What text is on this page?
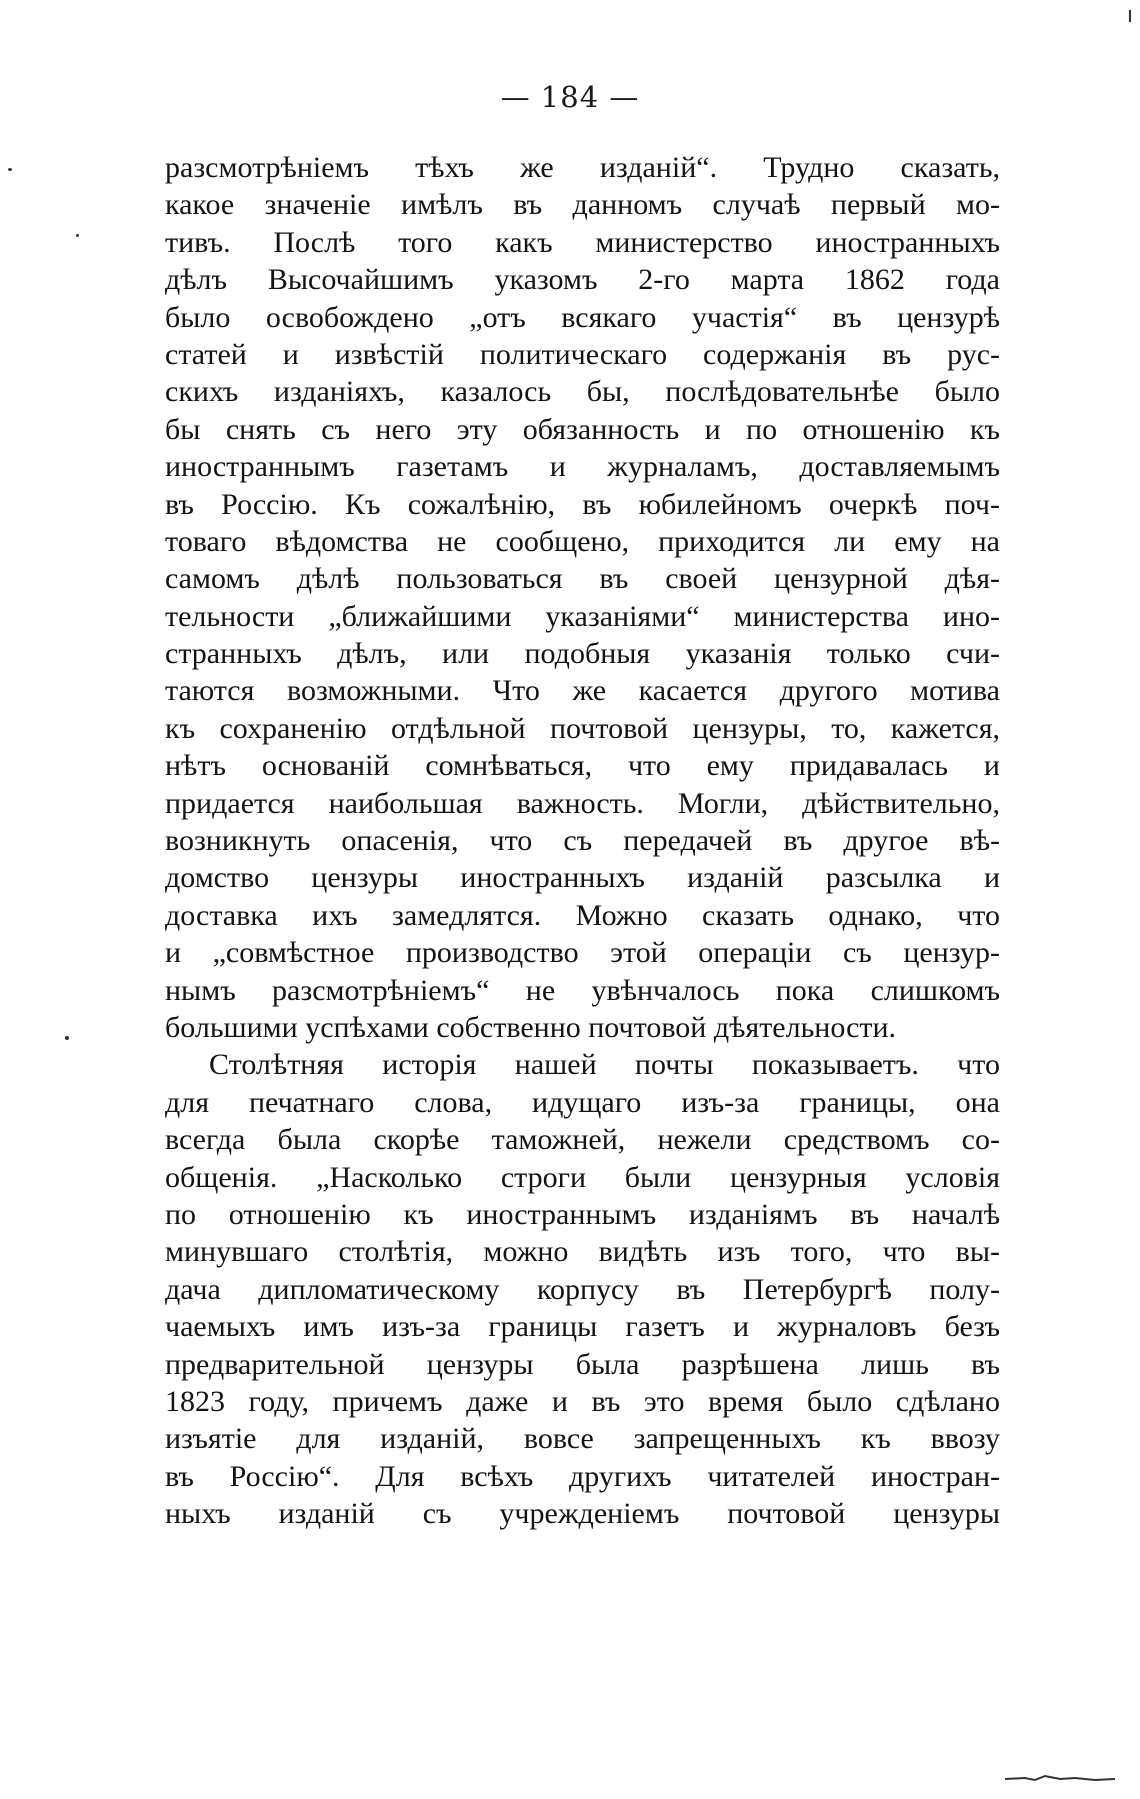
— 184 —
разсмотрѣніемъ тѣхъ же изданій“. Трудно сказать,
какое значеніе имѣлъ въ данномъ случаѣ первый мо-
тивъ. Послѣ того какъ министерство иностранныхъ
дѣлъ Высочайшимъ указомъ 2-го марта 1862 года
было освобождено „отъ всякаго участія“ въ цензурѣ
статей и извѣстій политическаго содержанія въ рус-
скихъ изданіяхъ, казалось бы, послѣдовательнѣе было
бы снять съ него эту обязанность и по отношенію къ
иностраннымъ газетамъ и журналамъ, доставляемымъ
въ Россію. Къ сожалѣнію, въ юбилейномъ очеркѣ поч-
товаго вѣдомства не сообщено, приходится ли ему на
самомъ дѣлѣ пользоваться въ своей цензурной дѣя-
тельности „ближайшими указаніями“ министерства ино-
странныхъ дѣлъ, или подобныя указанія только счи-
таются возможными. Что же касается другого мотива
къ сохраненію отдѣльной почтовой цензуры, то, кажется,
нѣтъ основаній сомнѣваться, что ему придавалась и
придается наибольшая важность. Могли, дѣйствительно,
возникнуть опасенія, что съ передачей въ другое вѣ-
домство цензуры иностранныхъ изданій разсылка и
доставка ихъ замедлятся. Можно сказать однако, что
и „совмѣстное производство этой операціи съ цензур-
нымъ разсмотрѣніемъ“ не увѣнчалось пока слишкомъ
большими успѣхами собственно почтовой дѣятельности.
Столѣтняя исторія нашей почты показываетъ. что
для печатнаго слова, идущаго изъ-за границы, она
всегда была скорѣе таможней, нежели средствомъ со-
общенія. „Насколько строги были цензурныя условія
по отношенію къ иностраннымъ изданіямъ въ началѣ
минувшаго столѣтія, можно видѣть изъ того, что вы-
дача дипломатическому корпусу въ Петербургѣ полу-
чаемыхъ имъ изъ-за границы газетъ и журналовъ безъ
предварительной цензуры была разрѣшена лишь въ
1823 году, причемъ даже и въ это время было сдѣлано
изъятіе для изданій, вовсе запрещенныхъ къ ввозу
въ Россію“. Для всѣхъ другихъ читателей иностран-
ныхъ изданій съ учрежденіемъ почтовой цензуры
